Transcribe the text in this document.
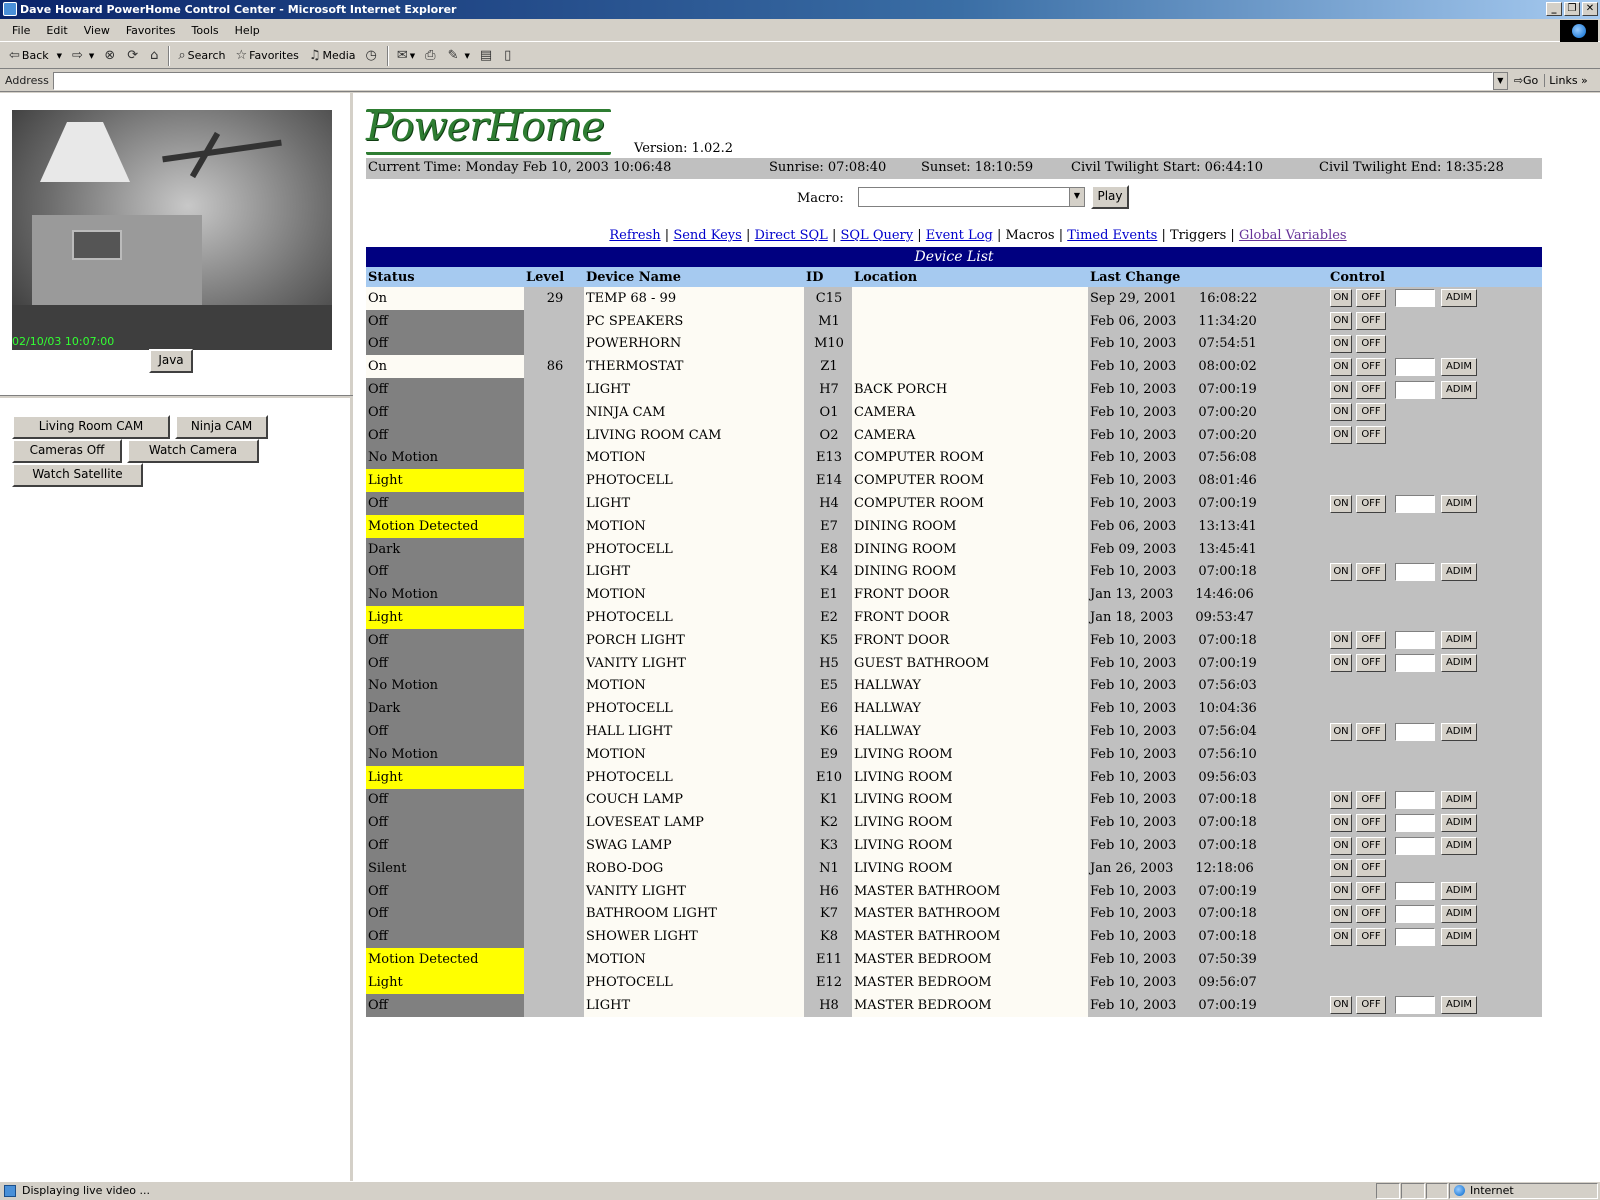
Dave Howard PowerHome Control Center - Microsoft Internet Explorer	_	❐ ✕
File	Edit	View	Favorites	Tools	Help
⇦ Back ▼ ⇨ ▼ ⊗ ⟳ ⌂ ⌕ Search ☆ Favorites ♫ Media ◷ ✉ ▼ ⎙ ✎ ▼ ▤ ▯
Address	▼ ⇨Go	Links »
02/10/03 10:07:00
Java
Living Room CAM	Ninja CAM
Cameras Off	Watch Camera
Watch Satellite
PowerHome	Version: 1.02.2
Current Time: Monday Feb 10, 2003 10:06:48	Sunrise: 07:08:40	Sunset: 18:10:59	Civil Twilight Start: 06:44:10	Civil Twilight End: 18:35:28
Macro:	▼	Play
Refresh | Send Keys | Direct SQL | SQL Query | Event Log | Macros | Timed Events | Triggers | Global Variables
Device List
Status	Level	Device Name	ID	Location	Last Change	Control
On	29	TEMP 68 - 99	C15		Sep 29, 2001 16:08:22	ON OFF ADIM
Off		PC SPEAKERS	M1		Feb 06, 2003 11:34:20	ON OFF
Off		POWERHORN	M10		Feb 10, 2003 07:54:51	ON OFF
On	86	THERMOSTAT	Z1		Feb 10, 2003 08:00:02	ON OFF ADIM
Off		LIGHT	H7	BACK PORCH	Feb 10, 2003 07:00:19	ON OFF ADIM
Off		NINJA CAM	O1	CAMERA	Feb 10, 2003 07:00:20	ON OFF
Off		LIVING ROOM CAM	O2	CAMERA	Feb 10, 2003 07:00:20	ON OFF
No Motion		MOTION	E13	COMPUTER ROOM	Feb 10, 2003 07:56:08	
Light		PHOTOCELL	E14	COMPUTER ROOM	Feb 10, 2003 08:01:46	
Off		LIGHT	H4	COMPUTER ROOM	Feb 10, 2003 07:00:19	ON OFF ADIM
Motion Detected		MOTION	E7	DINING ROOM	Feb 06, 2003 13:13:41	
Dark		PHOTOCELL	E8	DINING ROOM	Feb 09, 2003 13:45:41	
Off		LIGHT	K4	DINING ROOM	Feb 10, 2003 07:00:18	ON OFF ADIM
No Motion		MOTION	E1	FRONT DOOR	Jan 13, 2003 14:46:06	
Light		PHOTOCELL	E2	FRONT DOOR	Jan 18, 2003 09:53:47	
Off		PORCH LIGHT	K5	FRONT DOOR	Feb 10, 2003 07:00:18	ON OFF ADIM
Off		VANITY LIGHT	H5	GUEST BATHROOM	Feb 10, 2003 07:00:19	ON OFF ADIM
No Motion		MOTION	E5	HALLWAY	Feb 10, 2003 07:56:03	
Dark		PHOTOCELL	E6	HALLWAY	Feb 10, 2003 10:04:36	
Off		HALL LIGHT	K6	HALLWAY	Feb 10, 2003 07:56:04	ON OFF ADIM
No Motion		MOTION	E9	LIVING ROOM	Feb 10, 2003 07:56:10	
Light		PHOTOCELL	E10	LIVING ROOM	Feb 10, 2003 09:56:03	
Off		COUCH LAMP	K1	LIVING ROOM	Feb 10, 2003 07:00:18	ON OFF ADIM
Off		LOVESEAT LAMP	K2	LIVING ROOM	Feb 10, 2003 07:00:18	ON OFF ADIM
Off		SWAG LAMP	K3	LIVING ROOM	Feb 10, 2003 07:00:18	ON OFF ADIM
Silent		ROBO-DOG	N1	LIVING ROOM	Jan 26, 2003 12:18:06	ON OFF
Off		VANITY LIGHT	H6	MASTER BATHROOM	Feb 10, 2003 07:00:19	ON OFF ADIM
Off		BATHROOM LIGHT	K7	MASTER BATHROOM	Feb 10, 2003 07:00:18	ON OFF ADIM
Off		SHOWER LIGHT	K8	MASTER BATHROOM	Feb 10, 2003 07:00:18	ON OFF ADIM
Motion Detected		MOTION	E11	MASTER BEDROOM	Feb 10, 2003 07:50:39	
Light		PHOTOCELL	E12	MASTER BEDROOM	Feb 10, 2003 09:56:07	
Off		LIGHT	H8	MASTER BEDROOM	Feb 10, 2003 07:00:19	ON OFF ADIM
Displaying live video ...	Internet
